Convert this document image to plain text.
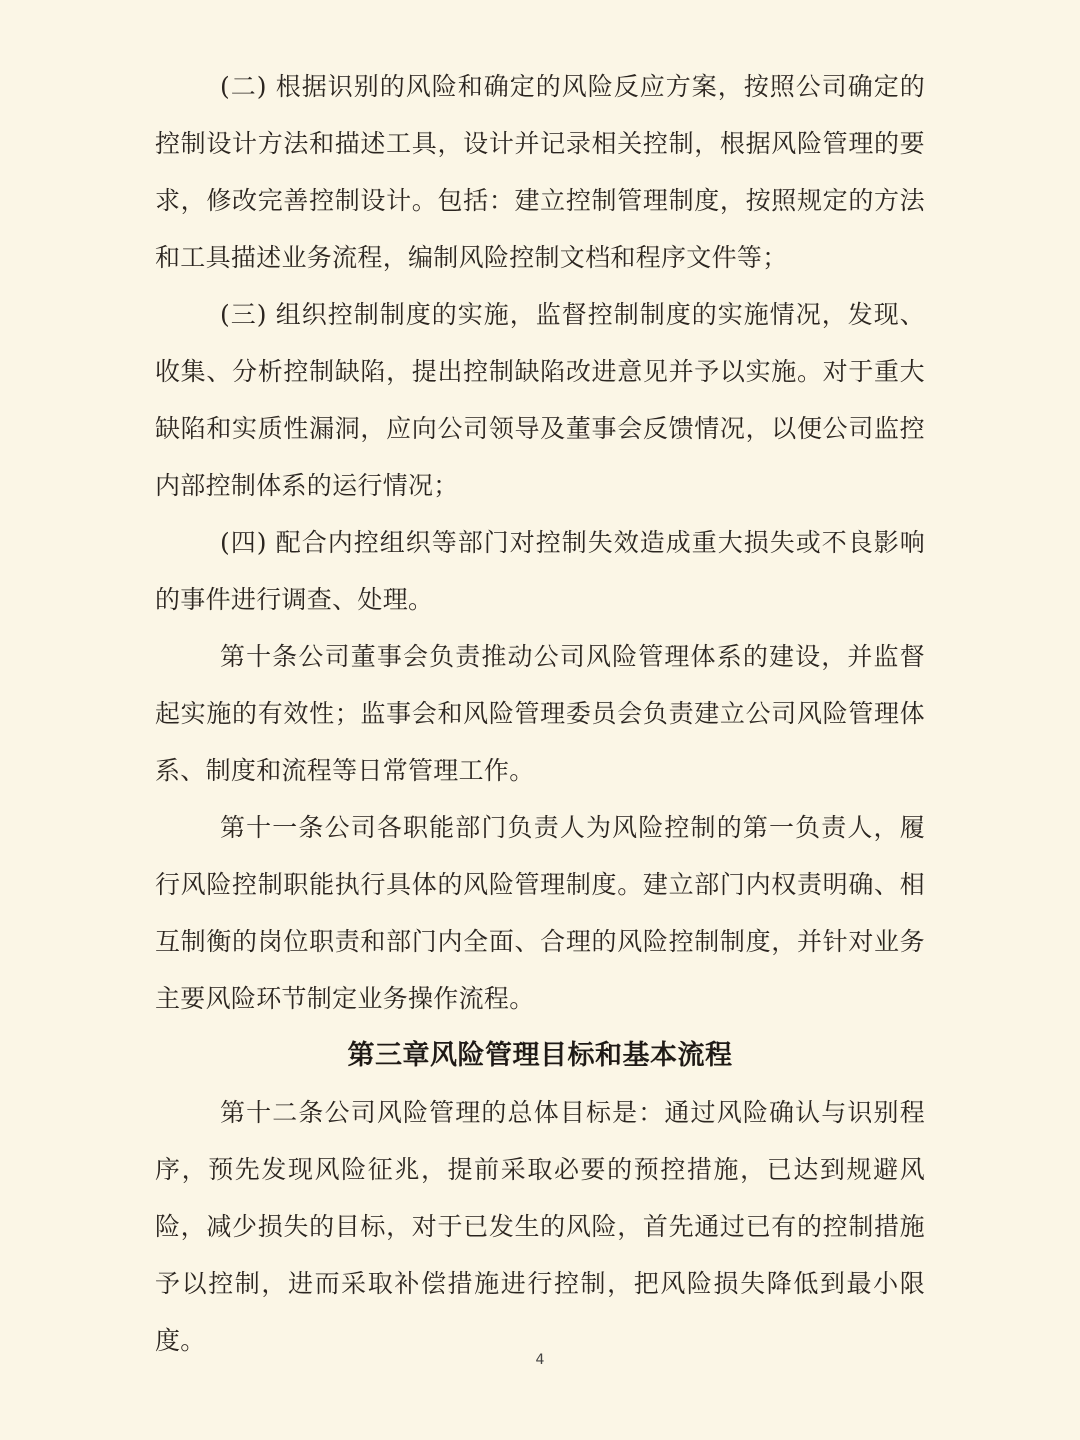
(二) 根据识别的风险和确定的风险反应方案，按照公司确定的控制设计方法和描述工具，设计并记录相关控制，根据风险管理的要求，修改完善控制设计。包括：建立控制管理制度，按照规定的方法和工具描述业务流程，编制风险控制文档和程序文件等；

(三) 组织控制制度的实施，监督控制制度的实施情况，发现、收集、分析控制缺陷，提出控制缺陷改进意见并予以实施。对于重大缺陷和实质性漏洞，应向公司领导及董事会反馈情况，以便公司监控内部控制体系的运行情况；

(四) 配合内控组织等部门对控制失效造成重大损失或不良影响的事件进行调查、处理。

第十条公司董事会负责推动公司风险管理体系的建设，并监督起实施的有效性；监事会和风险管理委员会负责建立公司风险管理体系、制度和流程等日常管理工作。

第十一条公司各职能部门负责人为风险控制的第一负责人，履行风险控制职能执行具体的风险管理制度。建立部门内权责明确、相互制衡的岗位职责和部门内全面、合理的风险控制制度，并针对业务主要风险环节制定业务操作流程。

第三章风险管理目标和基本流程

第十二条公司风险管理的总体目标是：通过风险确认与识别程序，预先发现风险征兆，提前采取必要的预控措施，已达到规避风险，减少损失的目标，对于已发生的风险，首先通过已有的控制措施予以控制，进而采取补偿措施进行控制，把风险损失降低到最小限度。

4
